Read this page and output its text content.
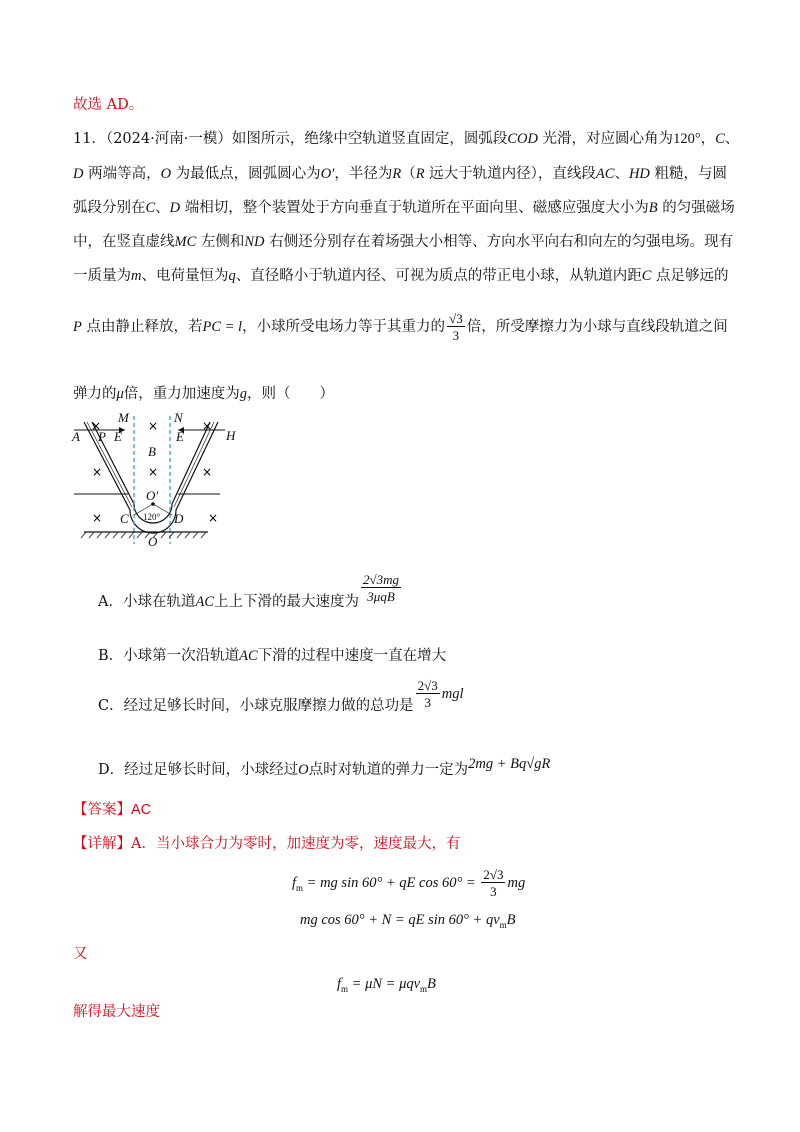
故选 AD。
11．（2024·河南·一模）如图所示，绝缘中空轨道竖直固定，圆弧段COD 光滑，对应圆心角为120°，C、
D 两端等高，O 为最低点，圆弧圆心为O′，半径为R（R 远大于轨道内径），直线段AC、HD 粗糙，与圆
弧段分别在C、D 端相切，整个装置处于方向垂直于轨道所在平面向里、磁感应强度大小为B 的匀强磁场
中，在竖直虚线MC 左侧和ND 右侧还分别存在着场强大小相等、方向水平向右和向左的匀强电场。现有
一质量为m、电荷量恒为q、直径略小于轨道内径、可视为质点的带正电小球，从轨道内距C 点足够远的
P 点由静止释放，若PC = l，小球所受电场力等于其重力的 $\frac{√3}{3}$ 倍，所受摩擦力为小球与直线段轨道之间
弹力的μ倍，重力加速度为g，则（　　）
×	×	×
×	×	×
×	×
M	N
A P E	E	H
B
O′
C	D
O
120°
A．小球在轨道AC上上下滑的最大速度为 $\frac{2√3mg}{\text{3μqB}}$
B．小球第一次沿轨道AC下滑的过程中速度一直在增大
C．经过足够长时间，小球克服摩擦力做的总功是 $\frac{2√3}{3}$ mgl
D．经过足够长时间，小球经过O点时对轨道的弹力一定为2mg + Bq√gR
【答案】AC
【详解】A．当小球合力为零时，加速度为零，速度最大，有
$f_m$ = mg sin 60° + qE $\cos 60^\circ = \frac{2√3}{3}$ mg
mg cos 60° + N = qE $\sin 60^\circ + qv_mB$
又
$f_m = \mu N = \mu qv_mB$
解得最大速度
